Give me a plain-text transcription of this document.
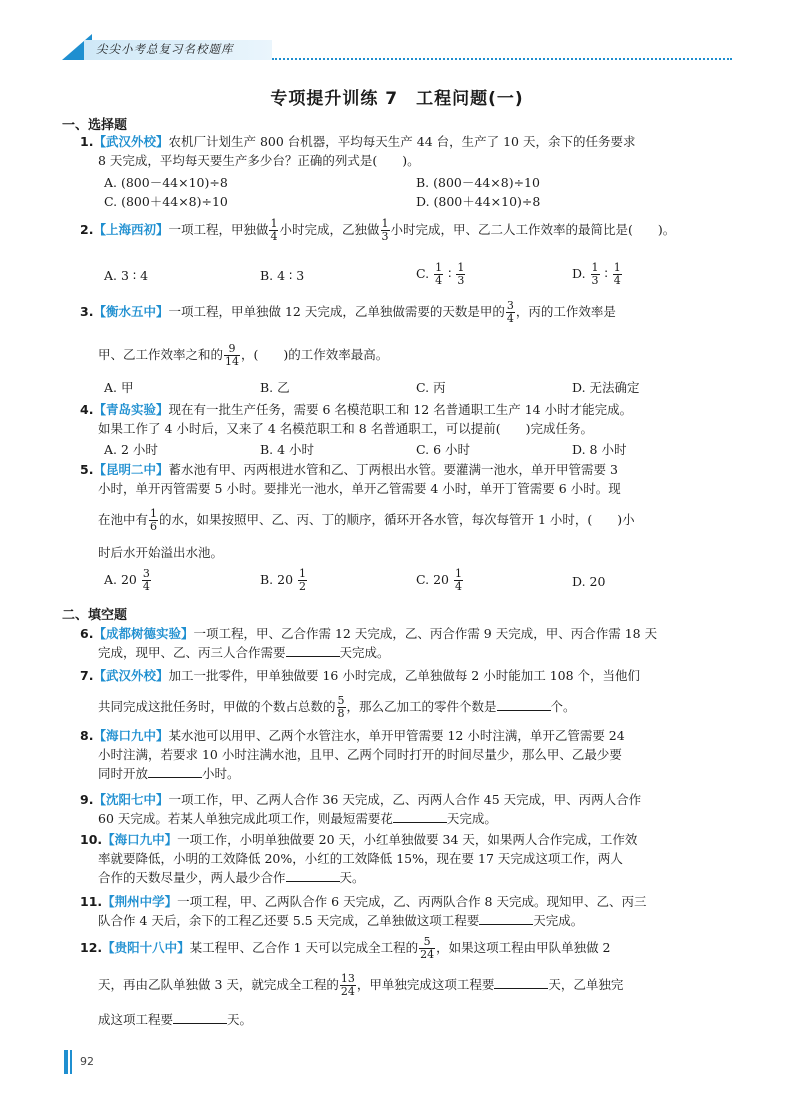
尖尖小考总复习名校题库
专项提升训练 7 工程问题(一)
一、选择题
1.【武汉外校】农机厂计划生产 800 台机器，平均每天生产 44 台，生产了 10 天，余下的任务要求
8 天完成，平均每天要生产多少台？正确的列式是(　　)。
A. (800－44×10)÷8	B. (800－44×8)÷10
C. (800＋44×8)÷10	D. (800＋44×10)÷8
2.【上海西初】一项工程，甲独做 $\frac{1}{4}$ 小时完成，乙独做 $\frac{1}{3}$ 小时完成，甲、乙二人工作效率的最简比是(　　)。
A. 3 ∶ 4	B. 4 ∶ 3	C. $\frac{1}{4}$ ∶ $\frac{1}{3}$	D. $\frac{1}{3}$ ∶ $\frac{1}{4}$
3.【衡水五中】一项工程，甲单独做 12 天完成，乙单独做需要的天数是甲的 $\frac{3}{4}$ ，丙的工作效率是
甲、乙工作效率之和的 $\frac{9}{14}$ ，(　　)的工作效率最高。
A. 甲	B. 乙	C. 丙	D. 无法确定
4.【青岛实验】现在有一批生产任务，需要 6 名模范职工和 12 名普通职工生产 14 小时才能完成。
如果工作了 4 小时后，又来了 4 名模范职工和 8 名普通职工，可以提前(　　)完成任务。
A. 2 小时	B. 4 小时	C. 6 小时	D. 8 小时
5.【昆明二中】蓄水池有甲、丙两根进水管和乙、丁两根出水管。要灌满一池水，单开甲管需要 3
小时，单开丙管需要 5 小时。要排光一池水，单开乙管需要 4 小时，单开丁管需要 6 小时。现
在池中有 $\frac{1}{6}$ 的水，如果按照甲、乙、丙、丁的顺序，循环开各水管，每次每管开 1 小时，(　　)小
时后水开始溢出水池。
A. $20 \frac{3}{4}$	B. $20 \frac{1}{2}$	C. $20 \frac{1}{4}$	D. 20
二、填空题
6.【成都树德实验】一项工程，甲、乙合作需 12 天完成，乙、丙合作需 9 天完成，甲、丙合作需 18 天
完成，现甲、乙、丙三人合作需要	天完成。
7.【武汉外校】加工一批零件，甲单独做要 16 小时完成，乙单独做每 2 小时能加工 108 个，当他们
共同完成这批任务时，甲做的个数占总数的 $\frac{5}{8}$ ，那么乙加工的零件个数是	个。
8.【海口九中】某水池可以用甲、乙两个水管注水，单开甲管需要 12 小时注满，单开乙管需要 24
小时注满，若要求 10 小时注满水池，且甲、乙两个同时打开的时间尽量少，那么甲、乙最少要
同时开放	小时。
9.【沈阳七中】一项工作，甲、乙两人合作 36 天完成，乙、丙两人合作 45 天完成，甲、丙两人合作
60 天完成。若某人单独完成此项工作，则最短需要花	天完成。
10.【海口九中】一项工作，小明单独做要 20 天，小红单独做要 34 天，如果两人合作完成，工作效
率就要降低，小明的工效降低 20%，小红的工效降低 15%，现在要 17 天完成这项工作，两人
合作的天数尽量少，两人最少合作	天。
11.【荆州中学】一项工程，甲、乙两队合作 6 天完成，乙、丙两队合作 8 天完成。现知甲、乙、丙三
队合作 4 天后，余下的工程乙还要 5.5 天完成，乙单独做这项工程要	天完成。
12.【贵阳十八中】某工程甲、乙合作 1 天可以完成全工程的 $\frac{5}{24}$ ，如果这项工程由甲队单独做 2
天，再由乙队单独做 3 天，就完成全工程的 $\frac{13}{24}$ ，甲单独完成这项工程要	天，乙单独完
成这项工程要	天。
92
